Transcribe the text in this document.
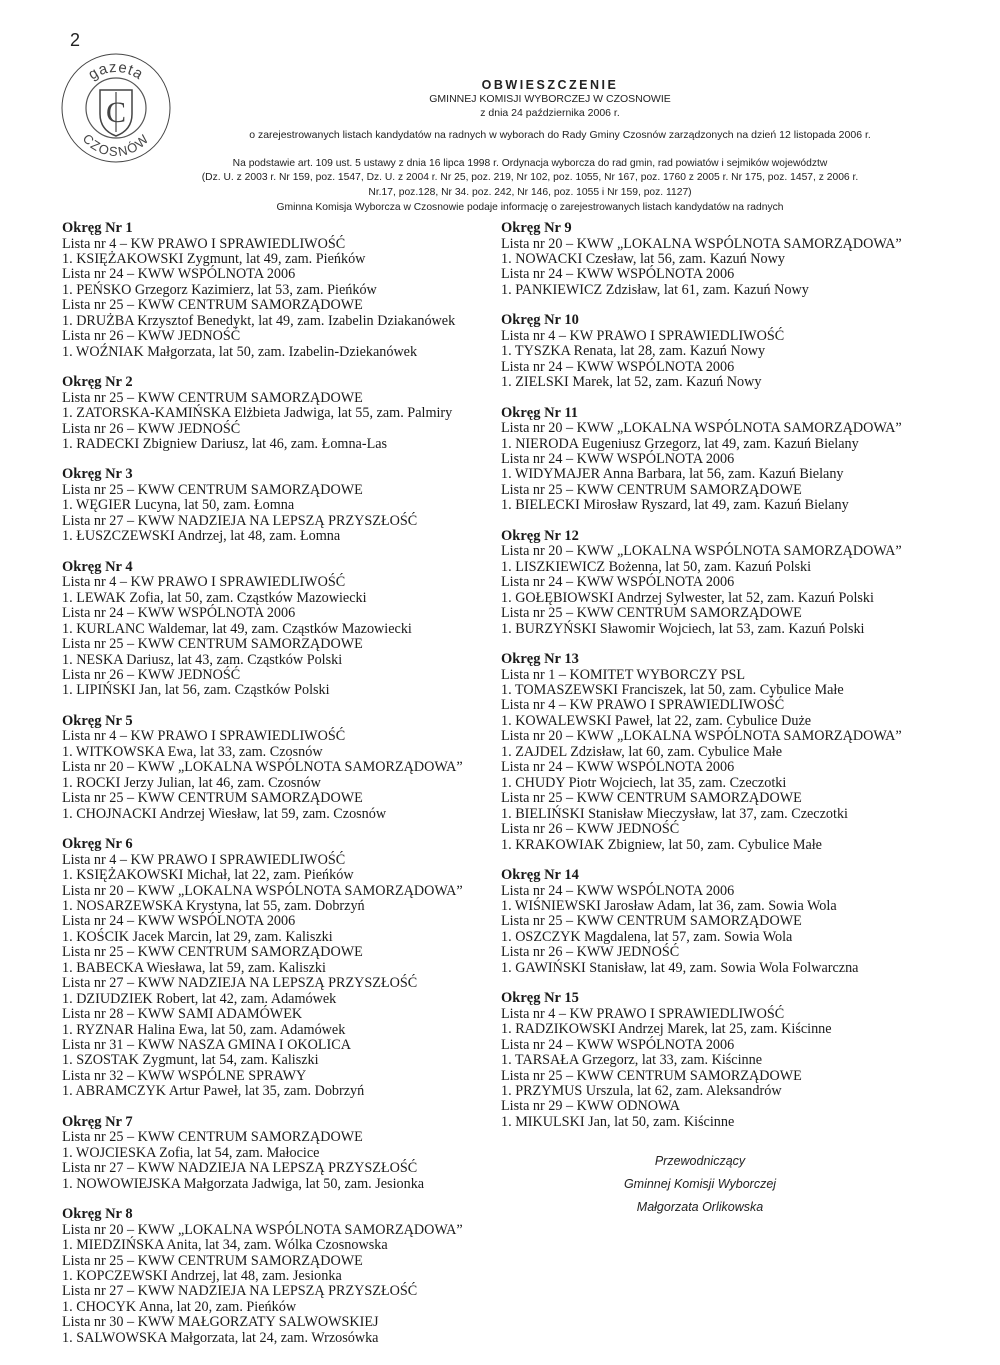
2
C
gazeta
CZOSNÓW
OBWIESZCZENIE
GMINNEJ KOMISJI WYBORCZEJ W CZOSNOWIE
z dnia 24 października 2006 r.
o zarejestrowanych listach kandydatów na radnych w wyborach do Rady Gminy Czosnów zarządzonych na dzień 12 listopada 2006 r.
Na podstawie art. 109 ust. 5 ustawy z dnia 16 lipca 1998 r. Ordynacja wyborcza do rad gmin, rad powiatów i sejmików województw
(Dz. U. z 2003 r. Nr 159, poz. 1547, Dz. U. z 2004 r. Nr 25, poz. 219, Nr 102, poz. 1055, Nr 167, poz. 1760 z 2005 r. Nr 175, poz. 1457, z 2006 r.
Nr.17, poz.128, Nr 34. poz. 242, Nr 146, poz. 1055 i Nr 159, poz. 1127)
Gminna Komisja Wyborcza w Czosnowie podaje informację o zarejestrowanych listach kandydatów na radnych
Okręg Nr 1
Lista nr 4 – KW PRAWO I SPRAWIEDLIWOŚĆ
1. KSIĘŻAKOWSKI Zygmunt, lat 49, zam. Pieńków
Lista nr 24 – KWW WSPÓLNOTA 2006
1. PEŃSKO Grzegorz Kazimierz, lat 53, zam. Pieńków
Lista nr 25 – KWW CENTRUM SAMORZĄDOWE
1. DRUŻBA Krzysztof Benedykt, lat 49, zam. Izabelin Dziakanówek
Lista nr 26 – KWW JEDNOŚĆ
1. WOŹNIAK Małgorzata, lat 50, zam. Izabelin-Dziekanówek
Okręg Nr 2
Lista nr 25 – KWW CENTRUM SAMORZĄDOWE
1. ZATORSKA-KAMIŃSKA Elżbieta Jadwiga, lat 55, zam. Palmiry
Lista nr 26 – KWW JEDNOŚĆ
1. RADECKI Zbigniew Dariusz, lat 46, zam. Łomna-Las
Okręg Nr 3
Lista nr 25 – KWW CENTRUM SAMORZĄDOWE
1. WĘGIER Lucyna, lat 50, zam. Łomna
Lista nr 27 – KWW NADZIEJA NA LEPSZĄ PRZYSZŁOŚĆ
1. ŁUSZCZEWSKI Andrzej, lat 48, zam. Łomna
Okręg Nr 4
Lista nr 4 – KW PRAWO I SPRAWIEDLIWOŚĆ
1. LEWAK Zofia, lat 50, zam. Cząstków Mazowiecki
Lista nr 24 – KWW WSPÓLNOTA 2006
1. KURLANC Waldemar, lat 49, zam. Cząstków Mazowiecki
Lista nr 25 – KWW CENTRUM SAMORZĄDOWE
1. NESKA Dariusz, lat 43, zam. Cząstków Polski
Lista nr 26 – KWW JEDNOŚĆ
1. LIPIŃSKI Jan, lat 56, zam. Cząstków Polski
Okręg Nr 5
Lista nr 4 – KW PRAWO I SPRAWIEDLIWOŚĆ
1. WITKOWSKA Ewa, lat 33, zam. Czosnów
Lista nr 20 – KWW „LOKALNA WSPÓLNOTA SAMORZĄDOWA”
1. ROCKI Jerzy Julian, lat 46, zam. Czosnów
Lista nr 25 – KWW CENTRUM SAMORZĄDOWE
1. CHOJNACKI Andrzej Wiesław, lat 59, zam. Czosnów
Okręg Nr 6
Lista nr 4 – KW PRAWO I SPRAWIEDLIWOŚĆ
1. KSIĘŻAKOWSKI Michał, lat 22, zam. Pieńków
Lista nr 20 – KWW „LOKALNA WSPÓLNOTA SAMORZĄDOWA”
1. NOSARZEWSKA Krystyna, lat 55, zam. Dobrzyń
Lista nr 24 – KWW WSPÓLNOTA 2006
1. KOŚCIK Jacek Marcin, lat 29, zam. Kaliszki
Lista nr 25 – KWW CENTRUM SAMORZĄDOWE
1. BABECKA Wiesława, lat 59, zam. Kaliszki
Lista nr 27 – KWW NADZIEJA NA LEPSZĄ PRZYSZŁOŚĆ
1. DZIUDZIEK Robert, lat 42, zam. Adamówek
Lista nr 28 – KWW SAMI ADAMÓWEK
1. RYZNAR Halina Ewa, lat 50, zam. Adamówek
Lista nr 31 – KWW NASZA GMINA I OKOLICA
1. SZOSTAK Zygmunt, lat 54, zam. Kaliszki
Lista nr 32 – KWW WSPÓLNE SPRAWY
1. ABRAMCZYK Artur Paweł, lat 35, zam. Dobrzyń
Okręg Nr 7
Lista nr 25 – KWW CENTRUM SAMORZĄDOWE
1. WOJCIESKA Zofia, lat 54, zam. Małocice
Lista nr 27 – KWW NADZIEJA NA LEPSZĄ PRZYSZŁOŚĆ
1. NOWOWIEJSKA Małgorzata Jadwiga, lat 50, zam. Jesionka
Okręg Nr 8
Lista nr 20 – KWW „LOKALNA WSPÓLNOTA SAMORZĄDOWA”
1. MIEDZIŃSKA Anita, lat 34, zam. Wólka Czosnowska
Lista nr 25 – KWW CENTRUM SAMORZĄDOWE
1. KOPCZEWSKI Andrzej, lat 48, zam. Jesionka
Lista nr 27 – KWW NADZIEJA NA LEPSZĄ PRZYSZŁOŚĆ
1. CHOCYK Anna, lat 20, zam. Pieńków
Lista nr 30 – KWW MAŁGORZATY SALWOWSKIEJ
1. SALWOWSKA Małgorzata, lat 24, zam. Wrzosówka
Okręg Nr 9
Lista nr 20 – KWW „LOKALNA WSPÓLNOTA SAMORZĄDOWA”
1. NOWACKI Czesław, lat 56, zam. Kazuń Nowy
Lista nr 24 – KWW WSPÓLNOTA 2006
1. PANKIEWICZ Zdzisław, lat 61, zam. Kazuń Nowy
Okręg Nr 10
Lista nr 4 – KW PRAWO I SPRAWIEDLIWOŚĆ
1. TYSZKA Renata, lat 28, zam. Kazuń Nowy
Lista nr 24 – KWW WSPÓLNOTA 2006
1. ZIELSKI Marek, lat 52, zam. Kazuń Nowy
Okręg Nr 11
Lista nr 20 – KWW „LOKALNA WSPÓLNOTA SAMORZĄDOWA”
1. NIERODA Eugeniusz Grzegorz, lat 49, zam. Kazuń Bielany
Lista nr 24 – KWW WSPÓLNOTA 2006
1. WIDYMAJER Anna Barbara, lat 56, zam. Kazuń Bielany
Lista nr 25 – KWW CENTRUM SAMORZĄDOWE
1. BIELECKI Mirosław Ryszard, lat 49, zam. Kazuń Bielany
Okręg Nr 12
Lista nr 20 – KWW „LOKALNA WSPÓLNOTA SAMORZĄDOWA”
1. LISZKIEWICZ Bożenna, lat 50, zam. Kazuń Polski
Lista nr 24 – KWW WSPÓLNOTA 2006
1. GOŁĘBIOWSKI Andrzej Sylwester, lat 52, zam. Kazuń Polski
Lista nr 25 – KWW CENTRUM SAMORZĄDOWE
1. BURZYŃSKI Sławomir Wojciech, lat 53, zam. Kazuń Polski
Okręg Nr 13
Lista nr 1 – KOMITET WYBORCZY PSL
1. TOMASZEWSKI Franciszek, lat 50, zam. Cybulice Małe
Lista nr 4 – KW PRAWO I SPRAWIEDLIWOŚĆ
1. KOWALEWSKI Paweł, lat 22, zam. Cybulice Duże
Lista nr 20 – KWW „LOKALNA WSPÓLNOTA SAMORZĄDOWA”
1. ZAJDEL Zdzisław, lat 60, zam. Cybulice Małe
Lista nr 24 – KWW WSPÓLNOTA 2006
1. CHUDY Piotr Wojciech, lat 35, zam. Czeczotki
Lista nr 25 – KWW CENTRUM SAMORZĄDOWE
1. BIELIŃSKI Stanisław Mieczysław, lat 37, zam. Czeczotki
Lista nr 26 – KWW JEDNOŚĆ
1. KRAKOWIAK Zbigniew, lat 50, zam. Cybulice Małe
Okręg Nr 14
Lista nr 24 – KWW WSPÓLNOTA 2006
1. WIŚNIEWSKI Jarosław Adam, lat 36, zam. Sowia Wola
Lista nr 25 – KWW CENTRUM SAMORZĄDOWE
1. OSZCZYK Magdalena, lat 57, zam. Sowia Wola
Lista nr 26 – KWW JEDNOŚĆ
1. GAWIŃSKI Stanisław, lat 49, zam. Sowia Wola Folwarczna
Okręg Nr 15
Lista nr 4 – KW PRAWO I SPRAWIEDLIWOŚĆ
1. RADZIKOWSKI Andrzej Marek, lat 25, zam. Kiścinne
Lista nr 24 – KWW WSPÓLNOTA 2006
1. TARSAŁA Grzegorz, lat 33, zam. Kiścinne
Lista nr 25 – KWW CENTRUM SAMORZĄDOWE
1. PRZYMUS Urszula, lat 62, zam. Aleksandrów
Lista nr 29 – KWW ODNOWA
1. MIKULSKI Jan, lat 50, zam. Kiścinne
Przewodniczący
Gminnej Komisji Wyborczej
Małgorzata Orlikowska
